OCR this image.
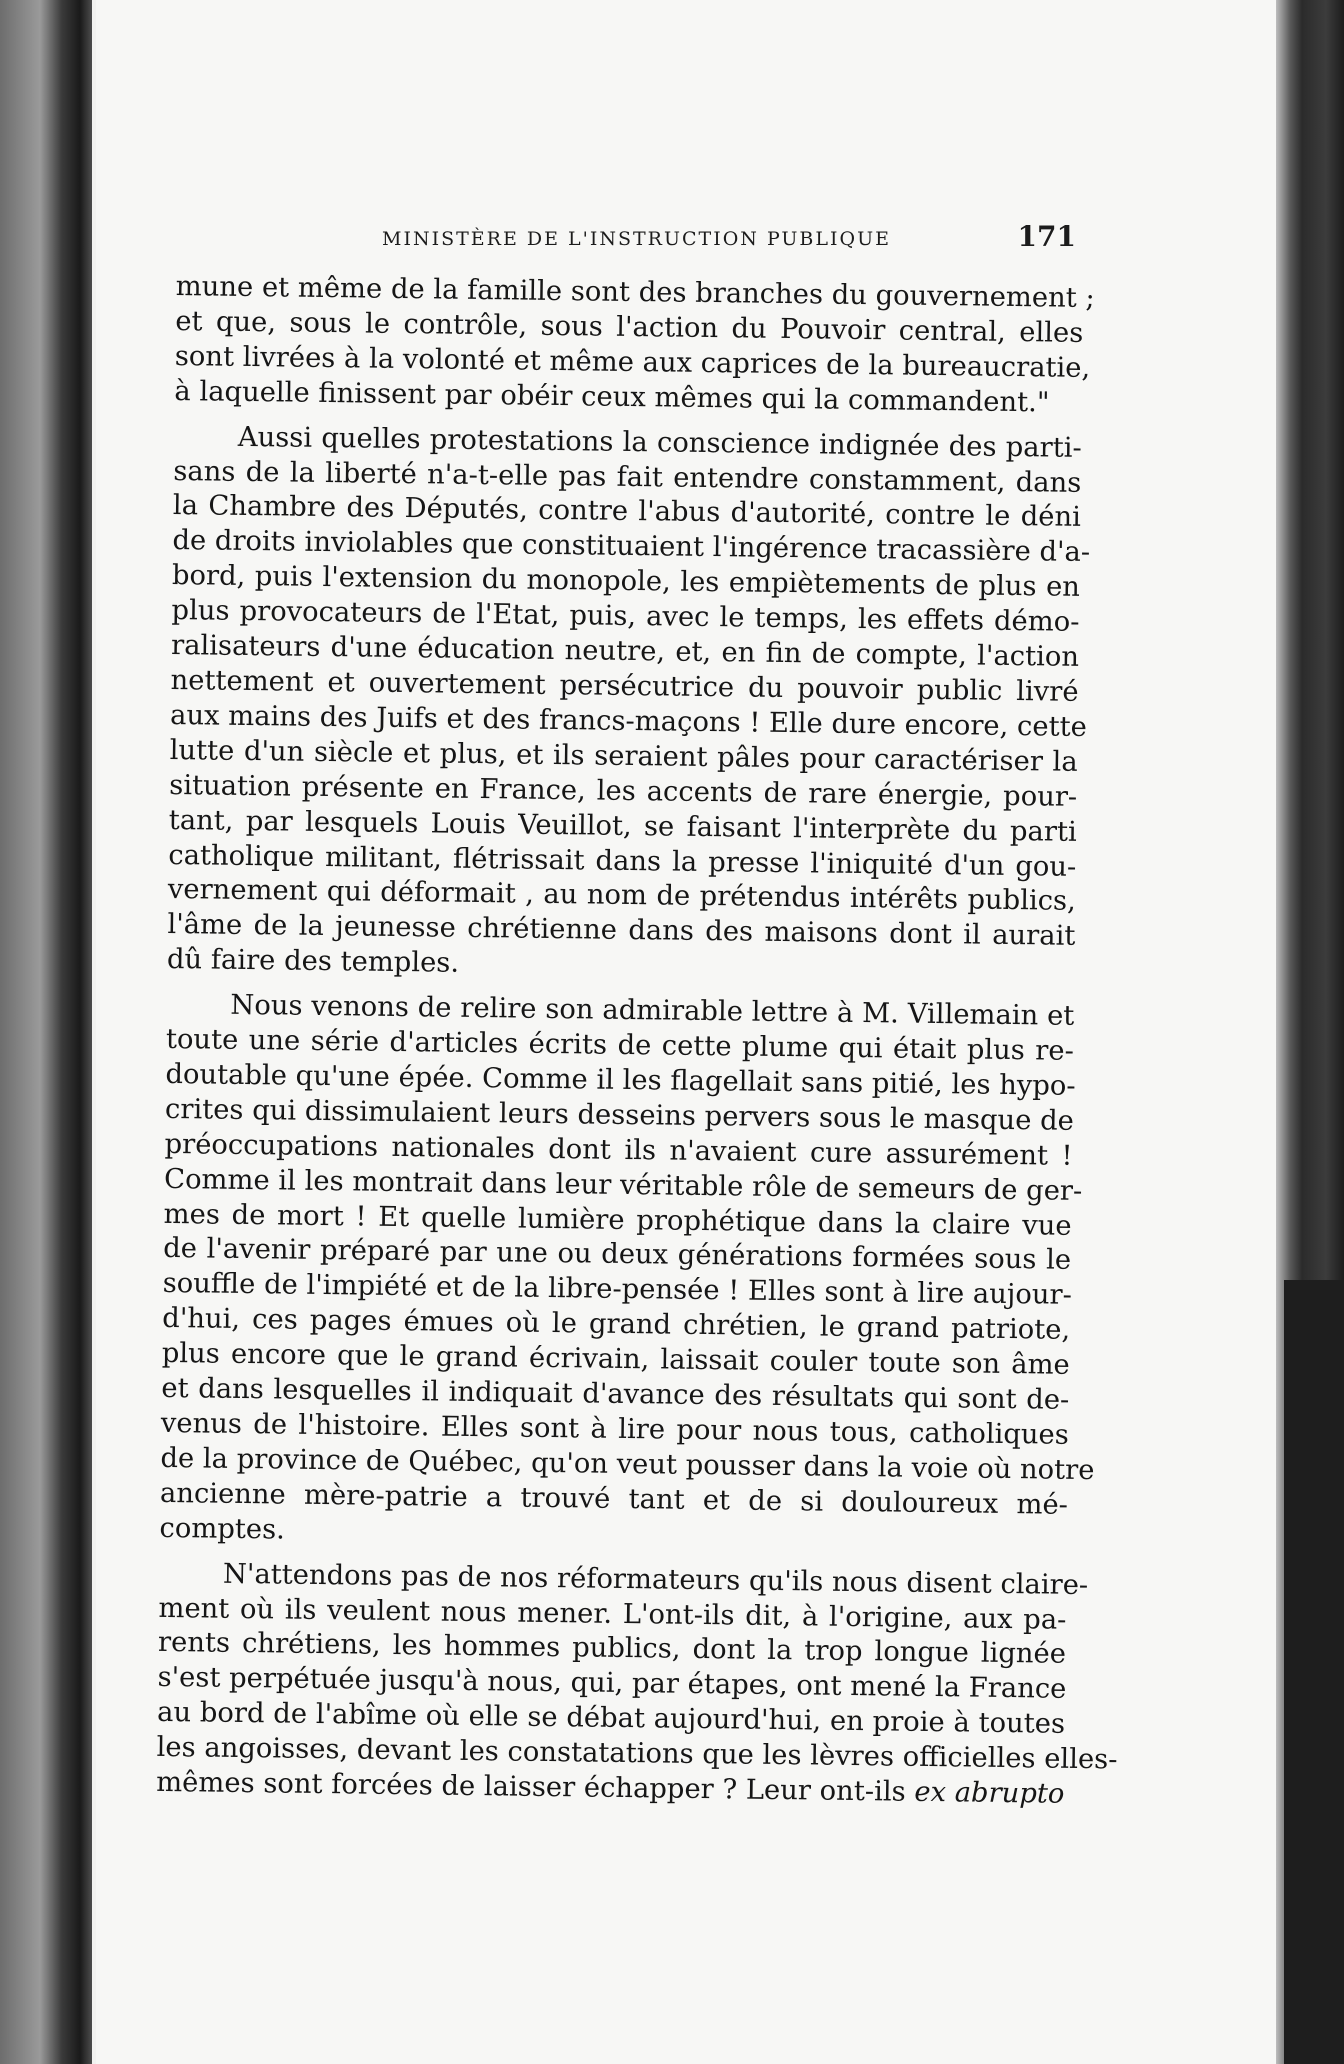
MINISTÈRE DE L'INSTRUCTION PUBLIQUE	171
mune et même de la famille sont des branches du gouvernement ;
et que, sous le contrôle, sous l'action du Pouvoir central, elles
sont livrées à la volonté et même aux caprices de la bureaucratie,
à laquelle finissent par obéir ceux mêmes qui la commandent."
Aussi quelles protestations la conscience indignée des parti-
sans de la liberté n'a-t-elle pas fait entendre constamment, dans
la Chambre des Députés, contre l'abus d'autorité, contre le déni
de droits inviolables que constituaient l'ingérence tracassière d'a-
bord, puis l'extension du monopole, les empiètements de plus en
plus provocateurs de l'Etat, puis, avec le temps, les effets démo-
ralisateurs d'une éducation neutre, et, en fin de compte, l'action
nettement et ouvertement persécutrice du pouvoir public livré
aux mains des Juifs et des francs-maçons ! Elle dure encore, cette
lutte d'un siècle et plus, et ils seraient pâles pour caractériser la
situation présente en France, les accents de rare énergie, pour-
tant, par lesquels Louis Veuillot, se faisant l'interprète du parti
catholique militant, flétrissait dans la presse l'iniquité d'un gou-
vernement qui déformait , au nom de prétendus intérêts publics,
l'âme de la jeunesse chrétienne dans des maisons dont il aurait
dû faire des temples.
Nous venons de relire son admirable lettre à M. Villemain et
toute une série d'articles écrits de cette plume qui était plus re-
doutable qu'une épée. Comme il les flagellait sans pitié, les hypo-
crites qui dissimulaient leurs desseins pervers sous le masque de
préoccupations nationales dont ils n'avaient cure assurément !
Comme il les montrait dans leur véritable rôle de semeurs de ger-
mes de mort ! Et quelle lumière prophétique dans la claire vue
de l'avenir préparé par une ou deux générations formées sous le
souffle de l'impiété et de la libre-pensée ! Elles sont à lire aujour-
d'hui, ces pages émues où le grand chrétien, le grand patriote,
plus encore que le grand écrivain, laissait couler toute son âme
et dans lesquelles il indiquait d'avance des résultats qui sont de-
venus de l'histoire. Elles sont à lire pour nous tous, catholiques
de la province de Québec, qu'on veut pousser dans la voie où notre
ancienne mère-patrie a trouvé tant et de si douloureux mé-
comptes.
N'attendons pas de nos réformateurs qu'ils nous disent claire-
ment où ils veulent nous mener. L'ont-ils dit, à l'origine, aux pa-
rents chrétiens, les hommes publics, dont la trop longue lignée
s'est perpétuée jusqu'à nous, qui, par étapes, ont mené la France
au bord de l'abîme où elle se débat aujourd'hui, en proie à toutes
les angoisses, devant les constatations que les lèvres officielles elles-
mêmes sont forcées de laisser échapper ? Leur ont-ils ex abrupto
